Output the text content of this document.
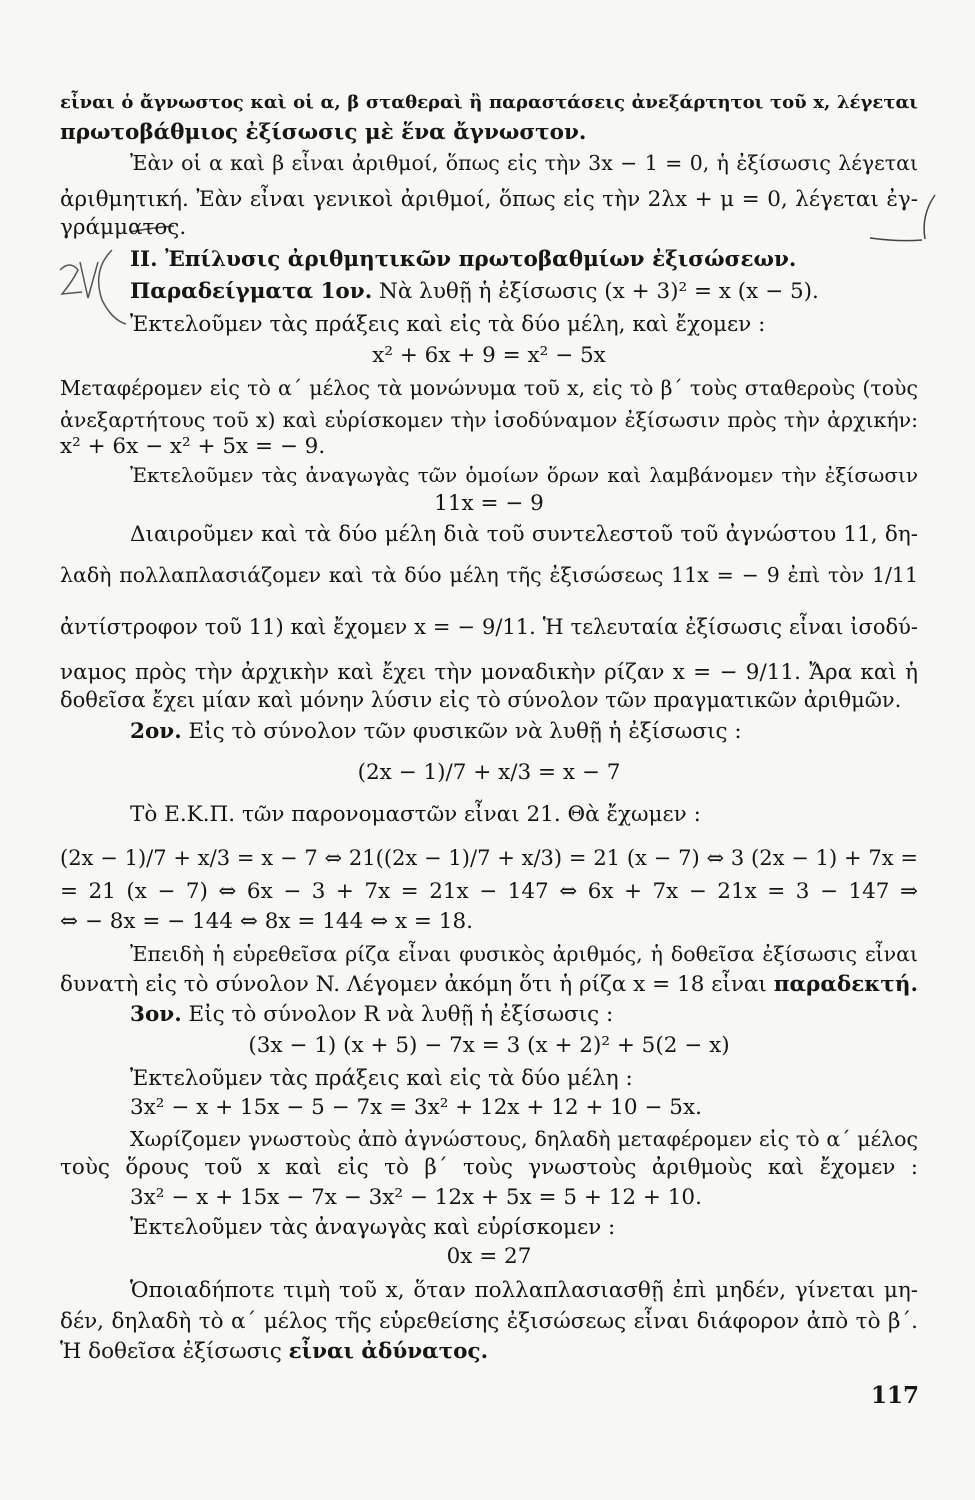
εἶναι ὁ ἄγνωστος καὶ οἱ α, β σταθεραὶ ἢ παραστάσεις ἀνεξάρτητοι τοῦ x, λέγεται
πρωτοβάθμιος ἐξίσωσις μὲ ἕνα ἄγνωστον.
Ἐὰν οἱ α καὶ β εἶναι ἀριθμοί, ὅπως εἰς τὴν 3x − 1 = 0, ἡ ἐξίσωσις λέγεται
ἀριθμητική. Ἐὰν εἶναι γενικοὶ ἀριθμοί, ὅπως εἰς τὴν 2λx + μ = 0, λέγεται ἐγ-
γράμματος.
ΙΙ. Ἐπίλυσις ἀριθμητικῶν πρωτοβαθμίων ἐξισώσεων.
Παραδείγματα 1ον. Νὰ λυθῇ ἡ ἐξίσωσις (x + 3)² = x (x − 5).
Ἐκτελοῦμεν τὰς πράξεις καὶ εἰς τὰ δύο μέλη, καὶ ἔχομεν :
x² + 6x + 9 = x² − 5x
Μεταφέρομεν εἰς τὸ α΄ μέλος τὰ μονώνυμα τοῦ x, εἰς τὸ β΄ τοὺς σταθεροὺς (τοὺς
ἀνεξαρτήτους τοῦ x) καὶ εὑρίσκομεν τὴν ἰσοδύναμον ἐξίσωσιν πρὸς τὴν ἀρχικήν:
x² + 6x − x² + 5x = − 9.
Ἐκτελοῦμεν τὰς ἀναγωγὰς τῶν ὁμοίων ὅρων καὶ λαμβάνομεν τὴν ἐξίσωσιν
11x = − 9
Διαιροῦμεν καὶ τὰ δύο μέλη διὰ τοῦ συντελεστοῦ τοῦ ἀγνώστου 11, δη-
λαδὴ πολλαπλασιάζομεν καὶ τὰ δύο μέλη τῆς ἐξισώσεως 11x = − 9 ἐπὶ τὸν 1/11
ἀντίστροφον τοῦ 11) καὶ ἔχομεν x = − 9/11. Ἡ τελευταία ἐξίσωσις εἶναι ἰσοδύ-
ναμος πρὸς τὴν ἀρχικὴν καὶ ἔχει τὴν μοναδικὴν ρίζαν x = − 9/11. Ἄρα καὶ ἡ
δοθεῖσα ἔχει μίαν καὶ μόνην λύσιν εἰς τὸ σύνολον τῶν πραγματικῶν ἀριθμῶν.
2ον. Εἰς τὸ σύνολον τῶν φυσικῶν νὰ λυθῇ ἡ ἐξίσωσις :
(2x − 1)/7 + x/3 = x − 7
Τὸ Ε.Κ.Π. τῶν παρονομαστῶν εἶναι 21. Θὰ ἔχωμεν :
(2x − 1)/7 + x/3 = x − 7 ⇔ 21((2x − 1)/7 + x/3) = 21 (x − 7) ⇔ 3 (2x − 1) + 7x =
= 21 (x − 7) ⇔ 6x − 3 + 7x = 21x − 147 ⇔ 6x + 7x − 21x = 3 − 147 ⇒
⇔ − 8x = − 144 ⇔ 8x = 144 ⇔ x = 18.
Ἐπειδὴ ἡ εὑρεθεῖσα ρίζα εἶναι φυσικὸς ἀριθμός, ἡ δοθεῖσα ἐξίσωσις εἶναι
δυνατὴ εἰς τὸ σύνολον N. Λέγομεν ἀκόμη ὅτι ἡ ρίζα x = 18 εἶναι παραδεκτή.
3ον. Εἰς τὸ σύνολον R νὰ λυθῇ ἡ ἐξίσωσις :
(3x − 1) (x + 5) − 7x = 3 (x + 2)² + 5(2 − x)
Ἐκτελοῦμεν τὰς πράξεις καὶ εἰς τὰ δύο μέλη :
3x² − x + 15x − 5 − 7x = 3x² + 12x + 12 + 10 − 5x.
Χωρίζομεν γνωστοὺς ἀπὸ ἀγνώστους, δηλαδὴ μεταφέρομεν εἰς τὸ α΄ μέλος
τοὺς ὅρους τοῦ x καὶ εἰς τὸ β΄ τοὺς γνωστοὺς ἀριθμοὺς καὶ ἔχομεν :
3x² − x + 15x − 7x − 3x² − 12x + 5x = 5 + 12 + 10.
Ἐκτελοῦμεν τὰς ἀναγωγὰς καὶ εὑρίσκομεν :
0x = 27
Ὁποιαδήποτε τιμὴ τοῦ x, ὅταν πολλαπλασιασθῇ ἐπὶ μηδέν, γίνεται μη-
δέν, δηλαδὴ τὸ α΄ μέλος τῆς εὑρεθείσης ἐξισώσεως εἶναι διάφορον ἀπὸ τὸ β΄.
Ἡ δοθεῖσα ἐξίσωσις εἶναι ἀδύνατος.
117
